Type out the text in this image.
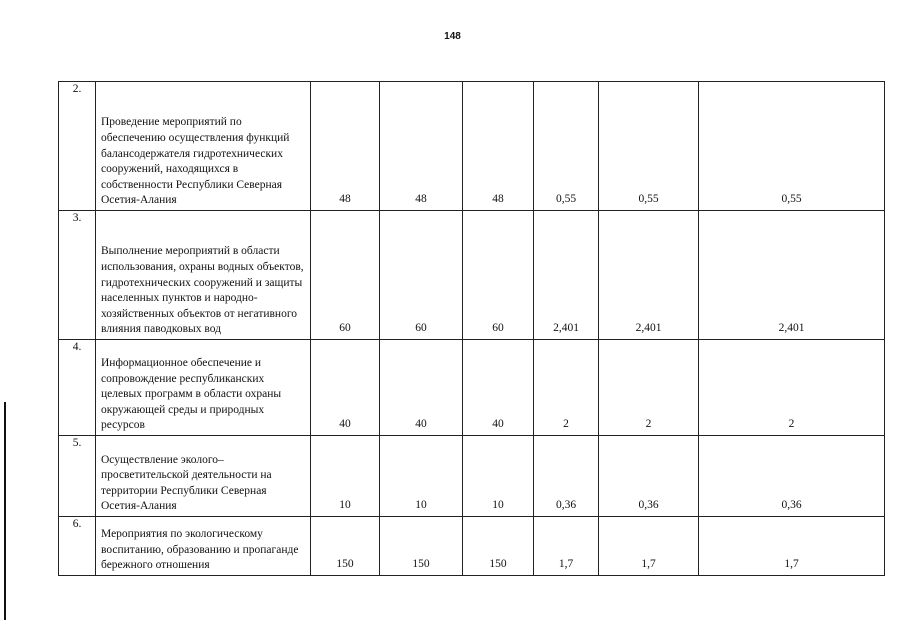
148
2.	Проведение мероприятий по обеспечению осуществления функций балансодержателя гидротехнических сооружений, находящихся в собственности Республики Северная Осетия-Алания	48	48	48	0,55	0,55	0,55
3.	Выполнение мероприятий в области использования, охраны водных объектов, гидротехнических сооружений и защиты населенных пунктов и народно-хозяйственных объектов от негативного влияния паводковых вод	60	60	60	2,401	2,401	2,401
4.	Информационное обеспечение и сопровождение республиканских целевых программ в области охраны окружающей среды и природных ресурсов	40	40	40	2	2	2
5.	Осуществление эколого–просветительской деятельности на территории Республики Северная Осетия-Алания	10	10	10	0,36	0,36	0,36
6.	Мероприятия по экологическому воспитанию, образованию и пропаганде бережного отношения	150	150	150	1,7	1,7	1,7
